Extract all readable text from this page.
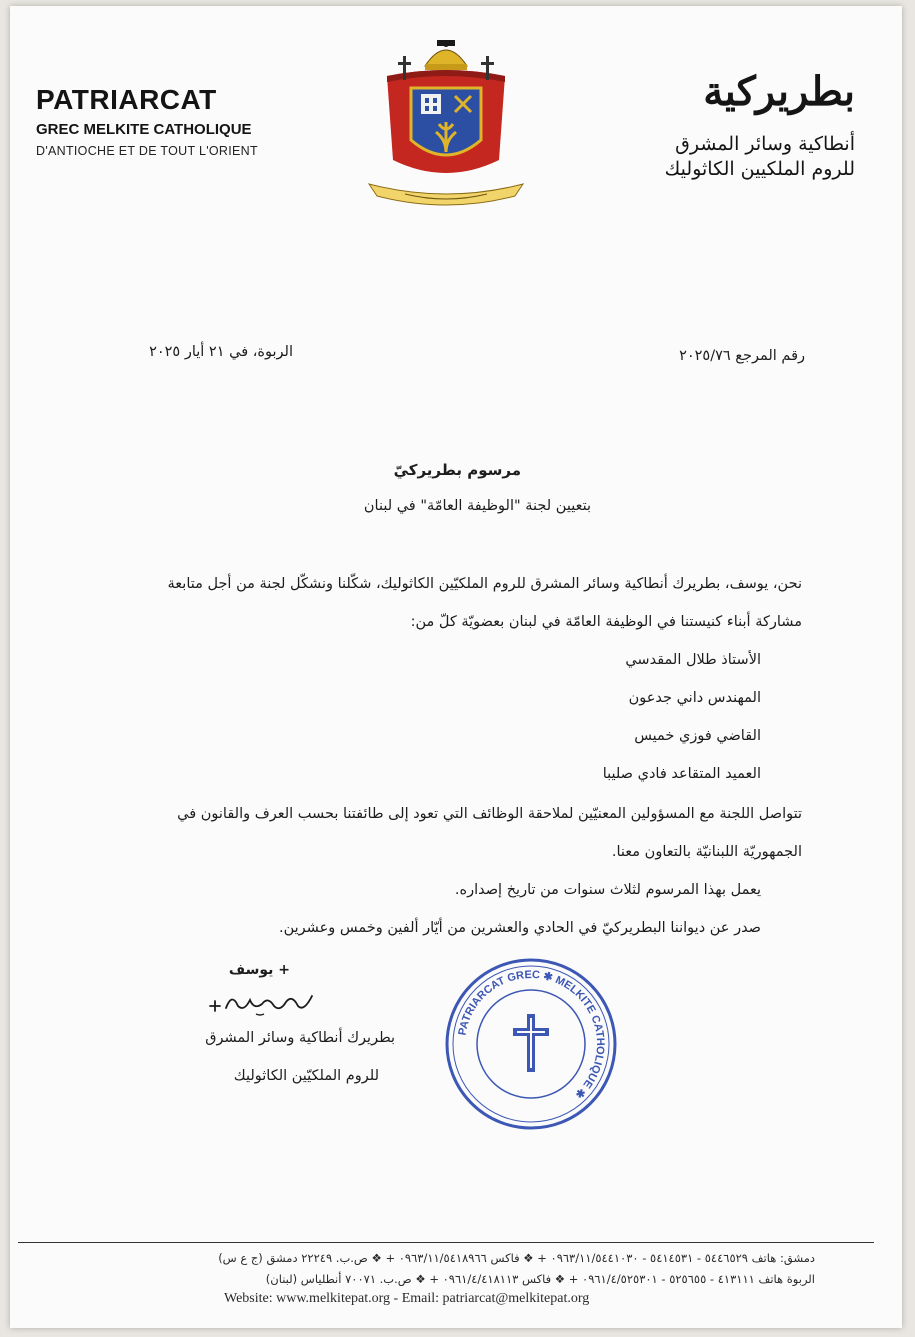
PATRIARCAT
GREC MELKITE CATHOLIQUE
D'ANTIOCHE ET DE TOUT L'ORIENT
بطريركية
أنطاكية وسائر المشرق
للروم الملكيين الكاثوليك
رقم المرجع ٢٠٢٥/٧٦
الربوة، في ٢١ أيار ٢٠٢٥
مرسوم بطريركيّ
بتعيين لجنة "الوظيفة العامّة" في لبنان
نحن، يوسف، بطريرك أنطاكية وسائر المشرق للروم الملكيّين الكاثوليك، شكّلنا ونشكّل لجنة من أجل متابعة
مشاركة أبناء كنيستنا في الوظيفة العامّة في لبنان بعضويّة كلّ من:
الأستاذ طلال المقدسي
المهندس داني جدعون
القاضي فوزي خميس
العميد المتقاعد فادي صليبا
تتواصل اللجنة مع المسؤولين المعنيّين لملاحقة الوظائف التي تعود إلى طائفتنا بحسب العرف والقانون في
الجمهوريّة اللبنانيّة بالتعاون معنا.
يعمل بهذا المرسوم لثلاث سنوات من تاريخ إصداره.
صدر عن ديواننا البطريركيّ في الحادي والعشرين من أيّار ألفين وخمس وعشرين.
+ يوسف
بطريرك أنطاكية وسائر المشرق
للروم الملكيّين الكاثوليك
PATRIARCAT GREC ✱ MELKITE CATHOLIQUE ✱
دمشق: هاتف ٥٤٤٦٥٢٩ - ٥٤١٤٥٣١ - ٠٩٦٣/١١/٥٤٤١٠٣٠ + ❖ فاكس ٠٩٦٣/١١/٥٤١٨٩٦٦ + ❖ ص.ب. ٢٢٢٤٩ دمشق (ج ع س)
الربوة هاتف ٤١٣١١١ - ٥٢٥٦٥٥ - ٠٩٦١/٤/٥٢٥٣٠١ + ❖ فاكس ٠٩٦١/٤/٤١٨١١٣ + ❖ ص.ب. ٧٠٠٧١ أنطلياس (لبنان)
Website: www.melkitepat.org - Email: patriarcat@melkitepat.org
